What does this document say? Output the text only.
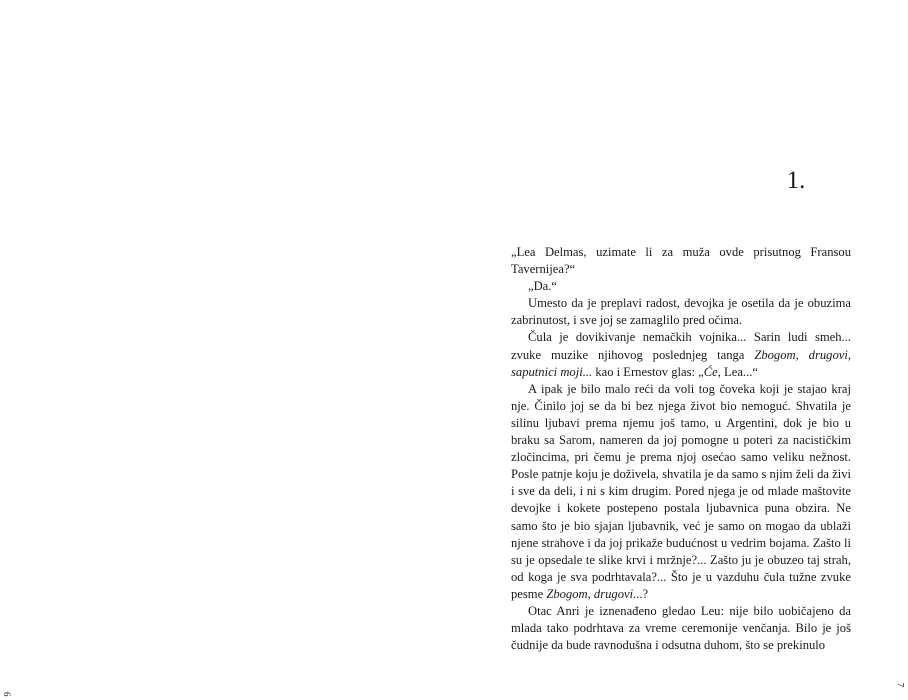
6
1.

„Lea Delmas, uzimate li za muža ovde prisutnog Fransou Tavernijea?“

„Da.“

Umesto da je preplavi radost, devojka je osetila da je obuzima zabrinutost, i sve joj se zamaglilo pred očima.

Čula je dovikivanje nemačkih vojnika... Sarin ludi smeh... zvuke muzike njihovog poslednjeg tanga Zbogom, drugovi, saputnici moji... kao i Ernestov glas: „Će, Lea...“

A ipak je bilo malo reći da voli tog čoveka koji je stajao kraj nje. Činilo joj se da bi bez njega život bio nemoguć. Shvatila je silinu ljubavi prema njemu još tamo, u Argentini, dok je bio u braku sa Sarom, nameren da joj pomogne u poteri za nacističkim zločincima, pri čemu je prema njoj osećao samo veliku nežnost. Posle patnje koju je doživela, shvatila je da samo s njim želi da živi i sve da deli, i ni s kim drugim. Pored njega je od mlade maštovite devojke i kokete postepeno postala ljubavnica puna obzira. Ne samo što je bio sjajan ljubavnik, već je samo on mogao da ublaži njene strahove i da joj prikaže budućnost u vedrim bojama. Zašto li su je opsedale te slike krvi i mržnje?... Zašto ju je obuzeo taj strah, od koga je sva podrhtavala?... Što je u vazduhu čula tužne zvuke pesme Zbogom, drugovi...?

Otac Anri je iznenađeno gledao Leu: nije bilo uobičajeno da mlada tako podrhtava za vreme ceremonije venčanja. Bilo je još čudnije da bude ravnodušna i odsutna duhom, što se prekinulo

7
